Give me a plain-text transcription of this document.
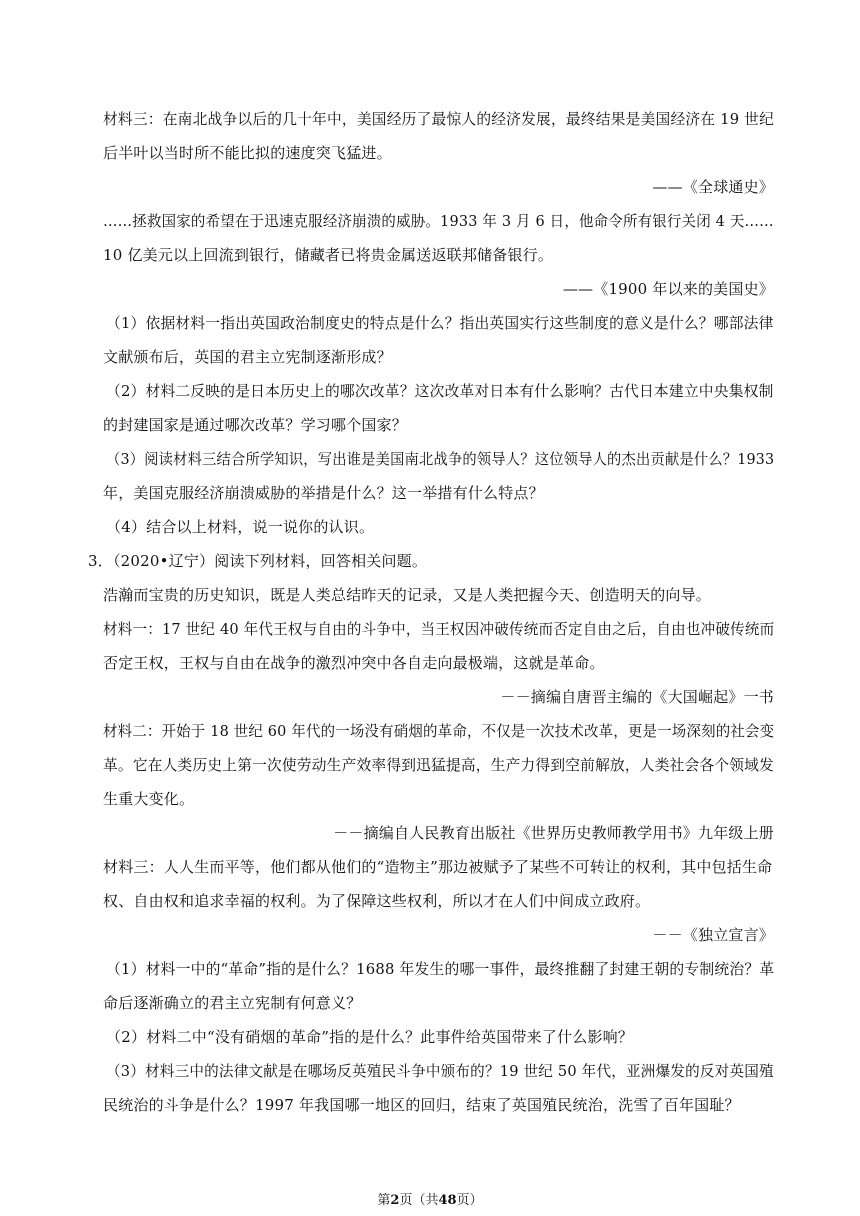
材料三：在南北战争以后的几十年中，美国经历了最惊人的经济发展，最终结果是美国经济在 19 世纪
后半叶以当时所不能比拟的速度突飞猛进。
——《全球通史》
……拯救国家的希望在于迅速克服经济崩溃的威胁。1933 年 3 月 6 日，他命令所有银行关闭 4 天……
10 亿美元以上回流到银行，储藏者已将贵金属送返联邦储备银行。
——《1900 年以来的美国史》
（1）依据材料一指出英国政治制度史的特点是什么？指出英国实行这些制度的意义是什么？哪部法律
文献颁布后，英国的君主立宪制逐渐形成？
（2）材料二反映的是日本历史上的哪次改革？这次改革对日本有什么影响？古代日本建立中央集权制
的封建国家是通过哪次改革？学习哪个国家？
（3）阅读材料三结合所学知识，写出谁是美国南北战争的领导人？这位领导人的杰出贡献是什么？1933
年，美国克服经济崩溃威胁的举措是什么？这一举措有什么特点？
（4）结合以上材料，说一说你的认识。
3．（2020•辽宁）阅读下列材料，回答相关问题。
浩瀚而宝贵的历史知识，既是人类总结昨天的记录，又是人类把握今天、创造明天的向导。
材料一：17 世纪 40 年代王权与自由的斗争中，当王权因冲破传统而否定自由之后，自由也冲破传统而
否定王权，王权与自由在战争的激烈冲突中各自走向最极端，这就是革命。
－－摘编自唐晋主编的《大国崛起》一书
材料二：开始于 18 世纪 60 年代的一场没有硝烟的革命，不仅是一次技术改革，更是一场深刻的社会变
革。它在人类历史上第一次使劳动生产效率得到迅猛提高，生产力得到空前解放，人类社会各个领域发
生重大变化。
－－摘编自人民教育出版社《世界历史教师教学用书》九年级上册
材料三：人人生而平等，他们都从他们的“造物主”那边被赋予了某些不可转让的权利，其中包括生命
权、自由权和追求幸福的权利。为了保障这些权利，所以才在人们中间成立政府。
－－《独立宣言》
（1）材料一中的“革命”指的是什么？1688 年发生的哪一事件，最终推翻了封建王朝的专制统治？革
命后逐渐确立的君主立宪制有何意义？
（2）材料二中“没有硝烟的革命”指的是什么？此事件给英国带来了什么影响？
（3）材料三中的法律文献是在哪场反英殖民斗争中颁布的？19 世纪 50 年代，亚洲爆发的反对英国殖
民统治的斗争是什么？1997 年我国哪一地区的回归，结束了英国殖民统治，洗雪了百年国耻？
第2页（共48页）
